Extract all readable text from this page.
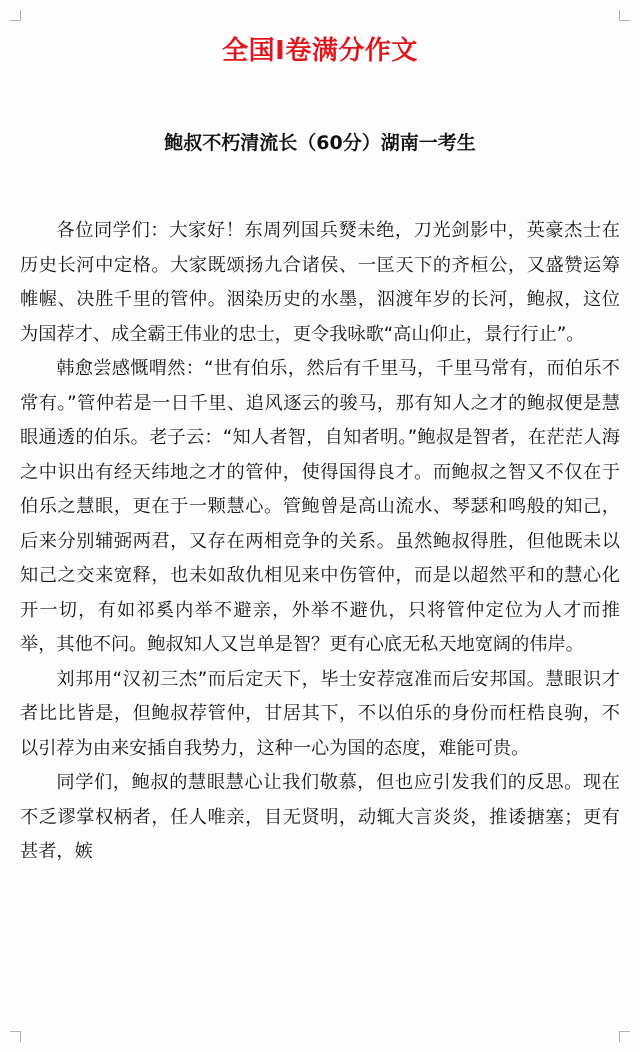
全国I卷满分作文
鲍叔不朽清流长（60分）湖南一考生

各位同学们：大家好！东周列国兵燹未绝，刀光剑影中，英豪杰士在历史长河中定格。大家既颂扬九合诸侯、一匡天下的齐桓公，又盛赞运筹帷幄、决胜千里的管仲。洇染历史的水墨，泅渡年岁的长河，鲍叔，这位为国荐才、成全霸王伟业的忠士，更令我咏歌“高山仰止，景行行止”。

韩愈尝感慨喟然：“世有伯乐，然后有千里马，千里马常有，而伯乐不常有。”管仲若是一日千里、追风逐云的骏马，那有知人之才的鲍叔便是慧眼通透的伯乐。老子云：“知人者智，自知者明。”鲍叔是智者，在茫茫人海之中识出有经天纬地之才的管仲，使得国得良才。而鲍叔之智又不仅在于伯乐之慧眼，更在于一颗慧心。管鲍曾是高山流水、琴瑟和鸣般的知己，后来分别辅弼两君，又存在两相竞争的关系。虽然鲍叔得胜，但他既未以知己之交来宽释，也未如敌仇相见来中伤管仲，而是以超然平和的慧心化开一切，有如祁奚内举不避亲，外举不避仇，只将管仲定位为人才而推举，其他不问。鲍叔知人又岂单是智？更有心底无私天地宽阔的伟岸。

刘邦用“汉初三杰”而后定天下，毕士安荐寇准而后安邦国。慧眼识才者比比皆是，但鲍叔荐管仲，甘居其下，不以伯乐的身份而枉梏良驹，不以引荐为由来安插自我势力，这种一心为国的态度，难能可贵。

同学们，鲍叔的慧眼慧心让我们敬慕，但也应引发我们的反思。现在不乏谬掌权柄者，任人唯亲，目无贤明，动辄大言炎炎，推诿搪塞；更有甚者，嫉
